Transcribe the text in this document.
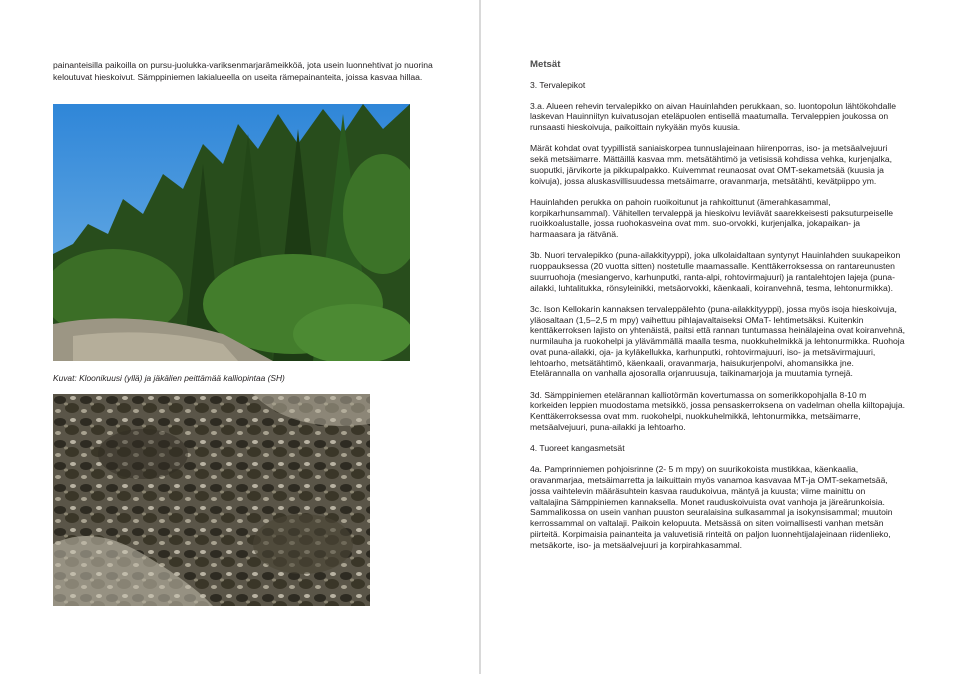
painanteisilla paikoilla on pursu-juolukka-variksenmarjarämeikköä, jota usein luonnehtivat jo nuorina keloutuvat hieskoivut. Sämppiniemen lakialueella on useita rämepainanteita, joissa kasvaa hillaa.

Kuvat: Kloonikuusi (yllä) ja jäkälien peittämää kalliopintaa (SH)

Metsät

3. Tervalepikot

3.a. Alueen rehevin tervalepikko on aivan Hauinlahden perukkaan, so. luontopolun lähtökohdalle laskevan Hauinniityn kuivatusojan eteläpuolen entisellä maatumalla. Tervaleppien joukossa on runsaasti hieskoivuja, paikoittain nykyään myös kuusia.

Märät kohdat ovat tyypillistä saniaiskorpea tunnuslajeinaan hiirenporras, iso- ja metsäalvejuuri sekä metsäimarre. Mättäillä kasvaa mm. metsätähtimö ja vetisissä kohdissa vehka, kurjenjalka, suoputki, järvikorte ja pikkupalpakko. Kuivemmat reunaosat ovat OMT-sekametsää (kuusia ja koivuja), jossa aluskasvillisuudessa metsäimarre, oravanmarja, metsätähti, kevätpiippo ym.

Hauinlahden perukka on pahoin ruoikoitunut ja rahkoittunut (ämerahkasammal, korpikarhunsammal). Vähitellen tervaleppä ja hieskoivu leviävät saarekkeisesti paksuturpeiselle ruoikkoalustalle, jossa ruohokasveina ovat mm. suo-orvokki, kurjenjalka, jokapaikan- ja harmaasara ja rätvänä.

3b. Nuori tervalepikko (puna-ailakkityyppi), joka ulkolaidaltaan syntynyt Hauinlahden suukapeikon ruoppauksessa (20 vuotta sitten) nostetulle maamassalle. Kenttäkerroksessa on rantareunusten suurruohoja (mesiangervo, karhunputki, ranta-alpi, rohtovirmajuuri) ja rantalehtojen lajeja (puna-ailakki, luhtalitukka, rönsyleinikki, metsäorvokki, käenkaali, koiranvehnä, tesma, lehtonurmikka).

3c. Ison Kellokarin kannaksen tervaleppälehto (puna-ailakkityyppi), jossa myös isoja hieskoivuja, yläosaltaan (1,5–2,5 m mpy) vaihettuu pihlajavaltaiseksi OMaT- lehtimetsäksi. Kuitenkin kenttäkerroksen lajisto on yhtenäistä, paitsi että rannan tuntumassa heinälajeina ovat koiranvehnä, nurmilauha ja ruokohelpi ja ylävämmällä maalla tesma, nuokkuhelmikkä ja lehtonurmikka. Ruohoja ovat puna-ailakki, oja- ja kyläkellukka, karhunputki, rohtovirmajuuri, iso- ja metsävirmajuuri, lehtoarho, metsätähtimö, käenkaali, oravanmarja, haisukurjenpolvi, ahomansikka jne. Etelärannalla on vanhalla ajosoralla orjanruusuja, taikinamarjoja ja muutamia tyrnejä.

3d. Sämppiniemen etelärannan kalliotörmän kovertumassa on somerikkopohjalla 8-10 m korkeiden leppien muodostama metsikkö, jossa pensaskerroksena on vadelman ohella kiiltopajuja. Kenttäkerroksessa ovat mm. ruokohelpi, nuokkuhelmikkä, lehtonurmikka, metsäimarre, metsäalvejuuri, puna-ailakki ja lehtoarho.

4. Tuoreet kangasmetsät

4a. Pamprinniemen pohjoisrinne (2- 5 m mpy) on suurikokoista mustikkaa, käenkaalia, oravanmarjaa, metsäimarretta ja laikuittain myös vanamoa kasvavaa MT-ja OMT-sekametsää, jossa vaihtelevin määräsuhtein kasvaa raudukoivua, mäntyä ja kuusta; viime mainittu on valtalajina Sämppiniemen kannaksella. Monet rauduskoivuista ovat vanhoja ja järeärunkoisia. Sammalikossa on usein vanhan puuston seuralaisina sulkasammal ja isokynsisammal; muutoin kerrossammal on valtalaji. Paikoin kelopuuta. Metsässä on siten voimallisesti vanhan metsän piirteitä. Korpimaisia painanteita ja valuvetisiä rinteitä on paljon luonnehtijalajeinaan riidenlieko, metsäkorte, iso- ja metsäalvejuuri ja korpirahkasammal.
